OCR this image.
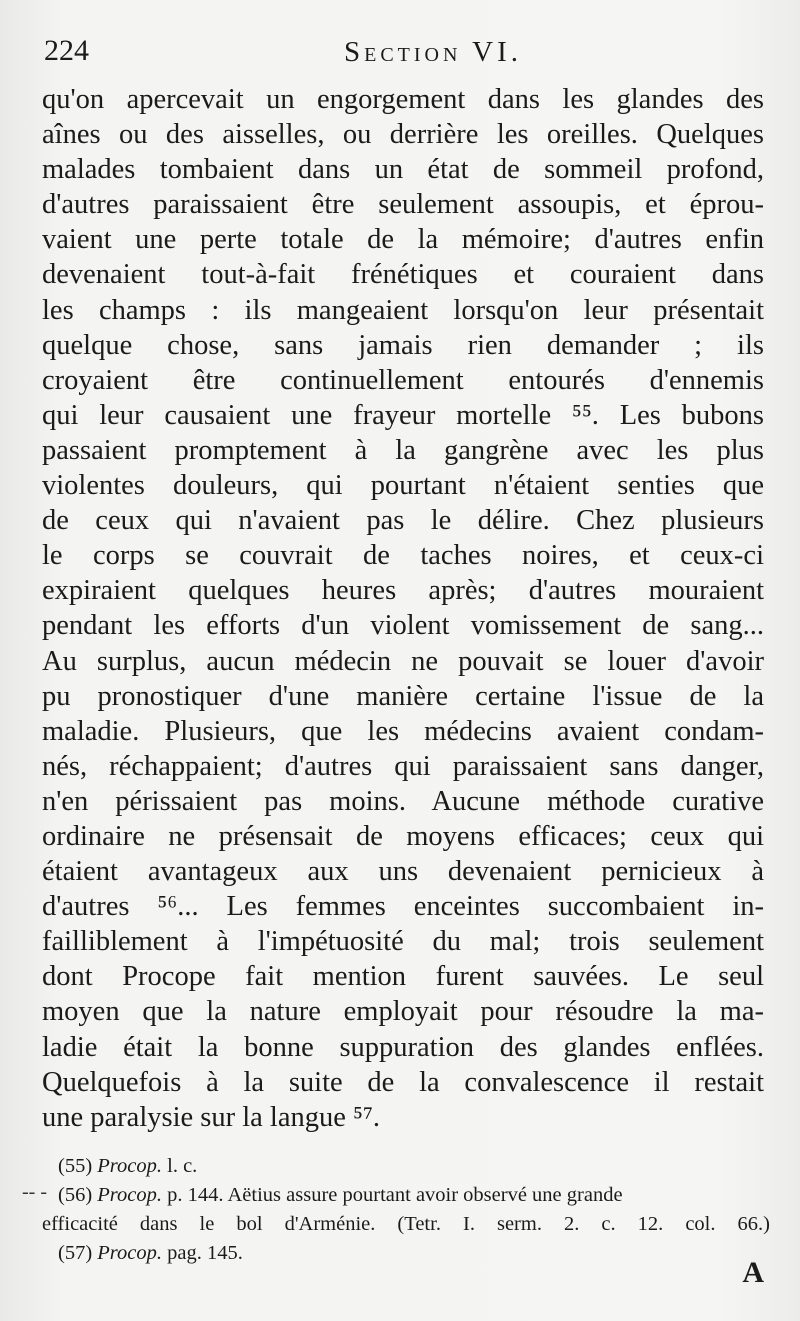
224	Section VI.
qu'on apercevait un engorgement dans les glandes des
aînes ou des aisselles, ou derrière les oreilles. Quelques
malades tombaient dans un état de sommeil profond,
d'autres paraissaient être seulement assoupis, et éprou-
vaient une perte totale de la mémoire; d'autres enfin
devenaient tout-à-fait frénétiques et couraient dans
les champs : ils mangeaient lorsqu'on leur présentait
quelque chose, sans jamais rien demander ; ils
croyaient être continuellement entourés d'ennemis
qui leur causaient une frayeur mortelle ⁵⁵. Les bubons
passaient promptement à la gangrène avec les plus
violentes douleurs, qui pourtant n'étaient senties que
de ceux qui n'avaient pas le délire. Chez plusieurs
le corps se couvrait de taches noires, et ceux-ci
expiraient quelques heures après; d'autres mouraient
pendant les efforts d'un violent vomissement de sang...
Au surplus, aucun médecin ne pouvait se louer d'avoir
pu pronostiquer d'une manière certaine l'issue de la
maladie. Plusieurs, que les médecins avaient condam-
nés, réchappaient; d'autres qui paraissaient sans danger,
n'en périssaient pas moins. Aucune méthode curative
ordinaire ne présensait de moyens efficaces; ceux qui
étaient avantageux aux uns devenaient pernicieux à
d'autres ⁵⁶... Les femmes enceintes succombaient in-
failliblement à l'impétuosité du mal; trois seulement
dont Procope fait mention furent sauvées. Le seul
moyen que la nature employait pour résoudre la ma-
ladie était la bonne suppuration des glandes enflées.
Quelquefois à la suite de la convalescence il restait
une paralysie sur la langue ⁵⁷.
-- -
(55) Procop. l. c.
(56) Procop. p. 144. Aëtius assure pourtant avoir observé une grande
efficacité dans le bol d'Arménie. (Tetr. I. serm. 2. c. 12. col. 66.)
(57) Procop. pag. 145.
A
